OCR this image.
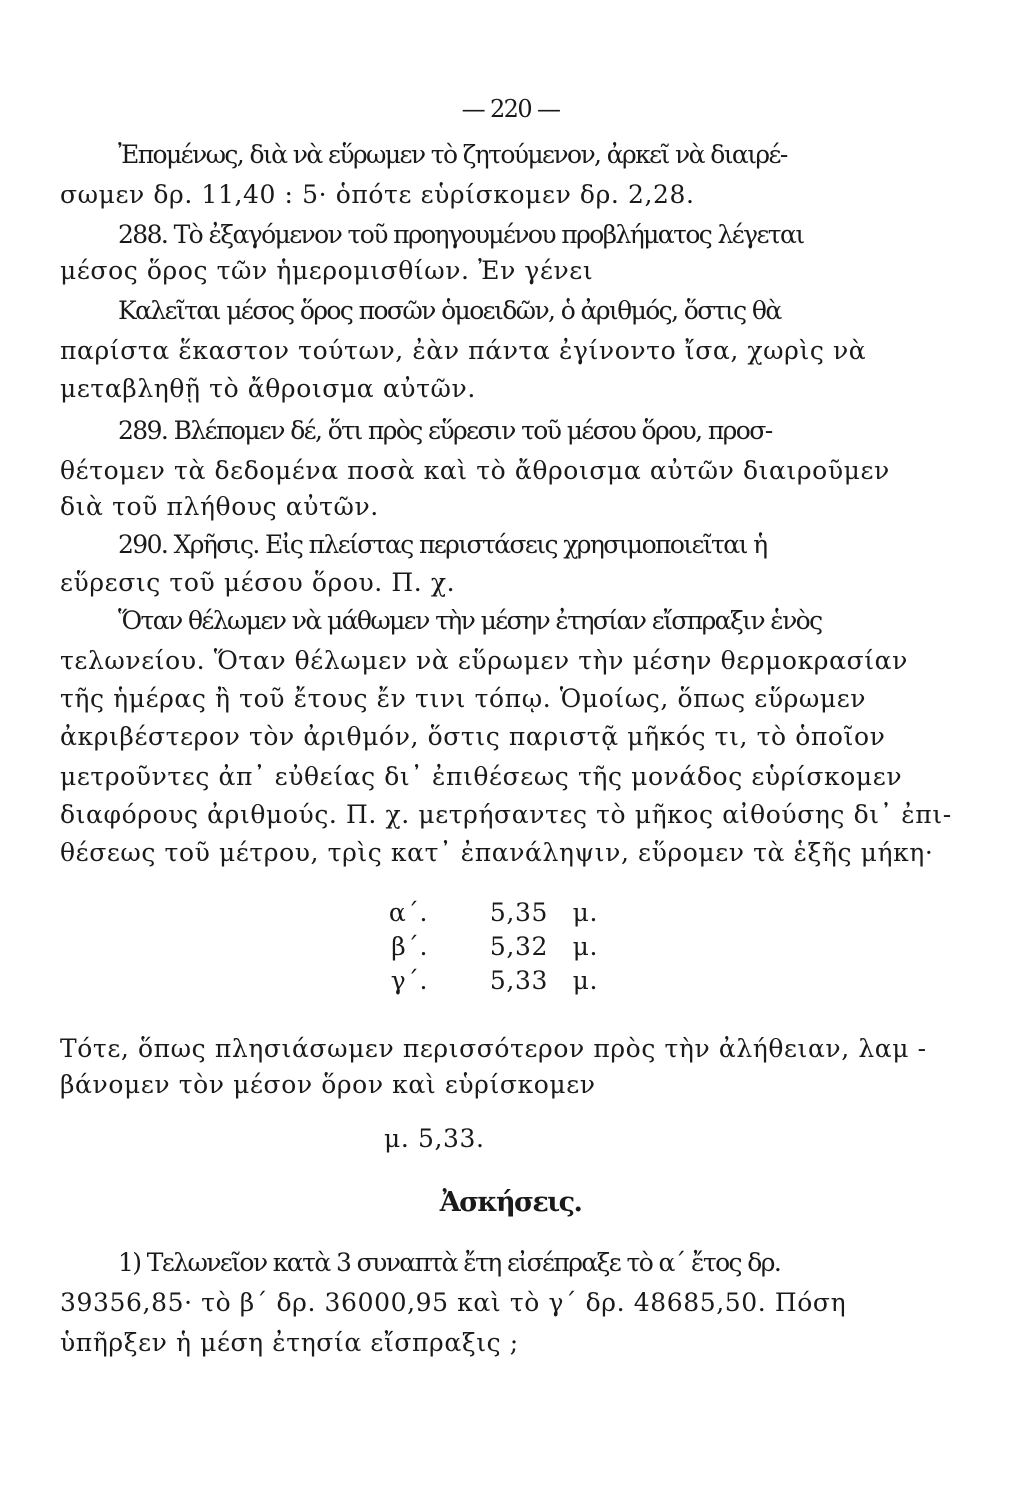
— 220 —
Ἐπομένως, διὰ νὰ εὕρωμεν τὸ ζητούμενον, ἀρκεῖ νὰ διαιρέ-
σωμεν δρ. 11,40 : 5· ὁπότε εὑρίσκομεν δρ. 2,28.
288. Τὸ ἐξαγόμενον τοῦ προηγουμένου προβλήματος λέγεται
μέσος ὅρος τῶν ἡμερομισθίων. Ἐν γένει
Καλεῖται μέσος ὅρος ποσῶν ὁμοειδῶν, ὁ ἀριθμός, ὅστις θὰ
παρίστα ἕκαστον τούτων, ἐὰν πάντα ἐγίνοντο ἴσα, χωρὶς νὰ
μεταβληθῇ τὸ ἄθροισμα αὐτῶν.
289. Βλέπομεν δέ, ὅτι πρὸς εὕρεσιν τοῦ μέσου ὅρου, προσ-
θέτομεν τὰ δεδομένα ποσὰ καὶ τὸ ἄθροισμα αὐτῶν διαιροῦμεν
διὰ τοῦ πλήθους αὐτῶν.
290. Χρῆσις. Εἰς πλείστας περιστάσεις χρησιμοποιεῖται ἡ
εὕρεσις τοῦ μέσου ὅρου. Π. χ.
Ὅταν θέλωμεν νὰ μάθωμεν τὴν μέσην ἐτησίαν εἴσπραξιν ἑνὸς
τελωνείου. Ὅταν θέλωμεν νὰ εὕρωμεν τὴν μέσην θερμοκρασίαν
τῆς ἡμέρας ἢ τοῦ ἔτους ἔν τινι τόπῳ. Ὁμοίως, ὅπως εὕρωμεν
ἀκριβέστερον τὸν ἀριθμόν, ὅστις παριστᾷ μῆκός τι, τὸ ὁποῖον
μετροῦντες ἀπ᾽ εὐθείας δι᾽ ἐπιθέσεως τῆς μονάδος εὑρίσκομεν
διαφόρους ἀριθμούς. Π. χ. μετρήσαντες τὸ μῆκος αἰθούσης δι᾽ ἐπι-
θέσεως τοῦ μέτρου, τρὶς κατ᾽ ἐπανάληψιν, εὕρομεν τὰ ἑξῆς μήκη·
α΄. 5,35 μ.
β΄. 5,32 μ.
γ΄. 5,33 μ.
Τότε, ὅπως πλησιάσωμεν περισσότερον πρὸς τὴν ἀλήθειαν, λαμ -
βάνομεν τὸν μέσον ὅρον καὶ εὑρίσκομεν
μ. 5,33.
Ἀσκήσεις.
1) Τελωνεῖον κατὰ 3 συναπτὰ ἔτη εἰσέπραξε τὸ α΄ ἔτος δρ.
39356,85· τὸ β΄ δρ. 36000,95 καὶ τὸ γ΄ δρ. 48685,50. Πόση
ὑπῆρξεν ἡ μέση ἐτησία εἴσπραξις ;
